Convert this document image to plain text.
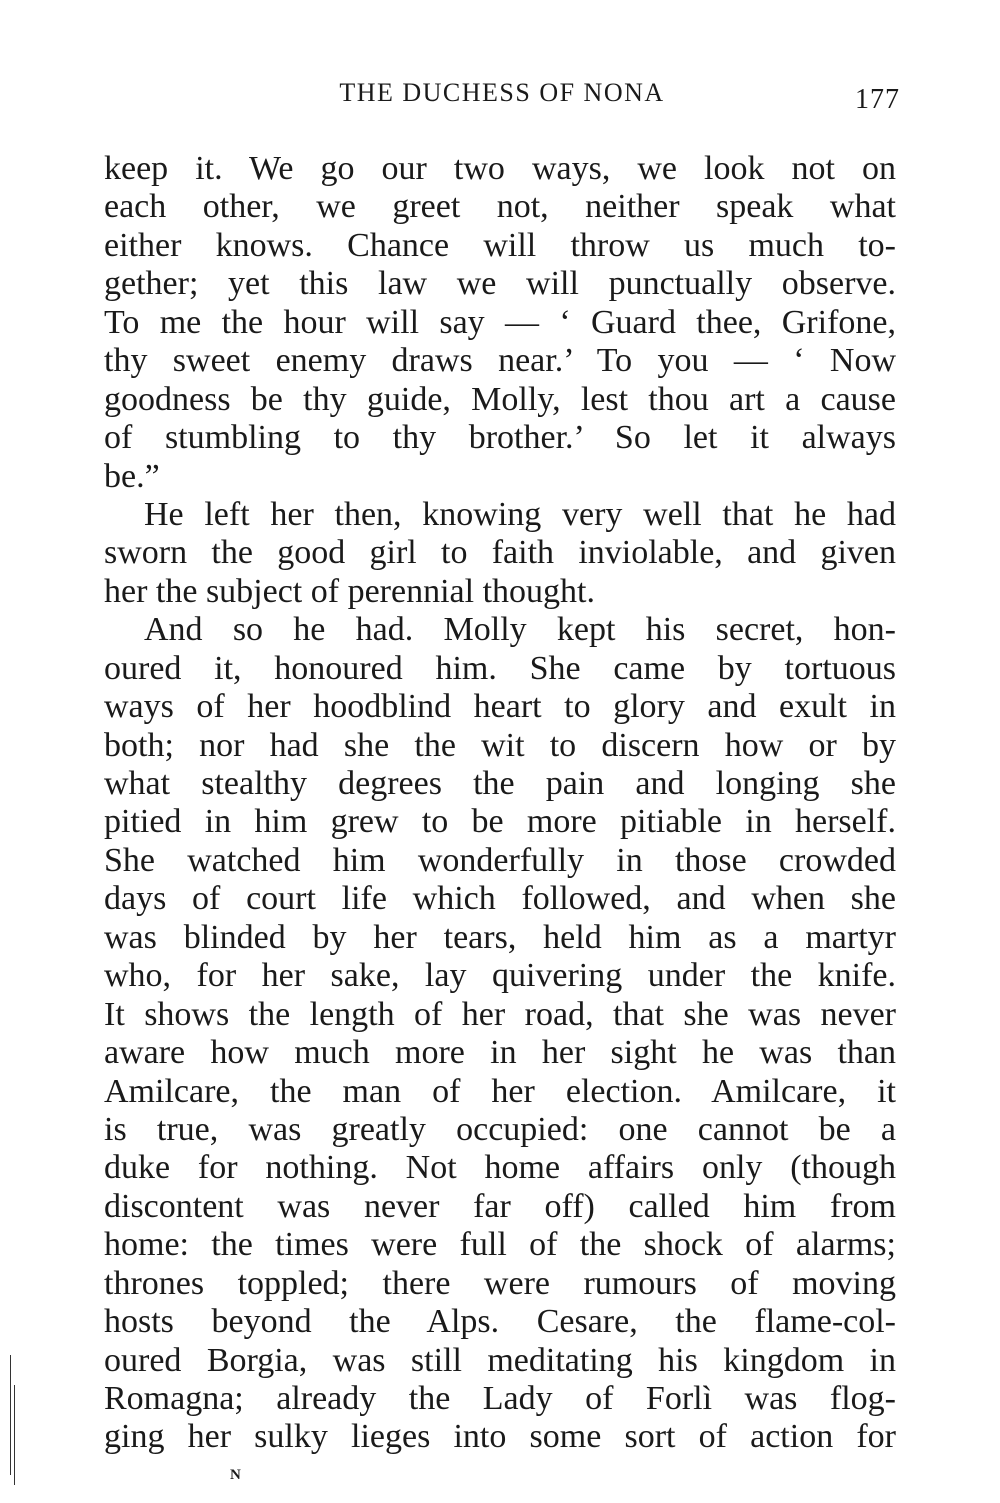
THE DUCHESS OF NONA	177
keep it. We go our two ways, we look not on
each other, we greet not, neither speak what
either knows. Chance will throw us much to-
gether; yet this law we will punctually observe.
To me the hour will say — ‘ Guard thee, Grifone,
thy sweet enemy draws near.’ To you — ‘ Now
goodness be thy guide, Molly, lest thou art a cause
of stumbling to thy brother.’ So let it always
be.”
He left her then, knowing very well that he had
sworn the good girl to faith inviolable, and given
her the subject of perennial thought.
And so he had. Molly kept his secret, hon-
oured it, honoured him. She came by tortuous
ways of her hoodblind heart to glory and exult in
both; nor had she the wit to discern how or by
what stealthy degrees the pain and longing she
pitied in him grew to be more pitiable in herself.
She watched him wonderfully in those crowded
days of court life which followed, and when she
was blinded by her tears, held him as a martyr
who, for her sake, lay quivering under the knife.
It shows the length of her road, that she was never
aware how much more in her sight he was than
Amilcare, the man of her election. Amilcare, it
is true, was greatly occupied: one cannot be a
duke for nothing. Not home affairs only (though
discontent was never far off) called him from
home: the times were full of the shock of alarms;
thrones toppled; there were rumours of moving
hosts beyond the Alps. Cesare, the flame-col-
oured Borgia, was still meditating his kingdom in
Romagna; already the Lady of Forlì was flog-
ging her sulky lieges into some sort of action for
N
